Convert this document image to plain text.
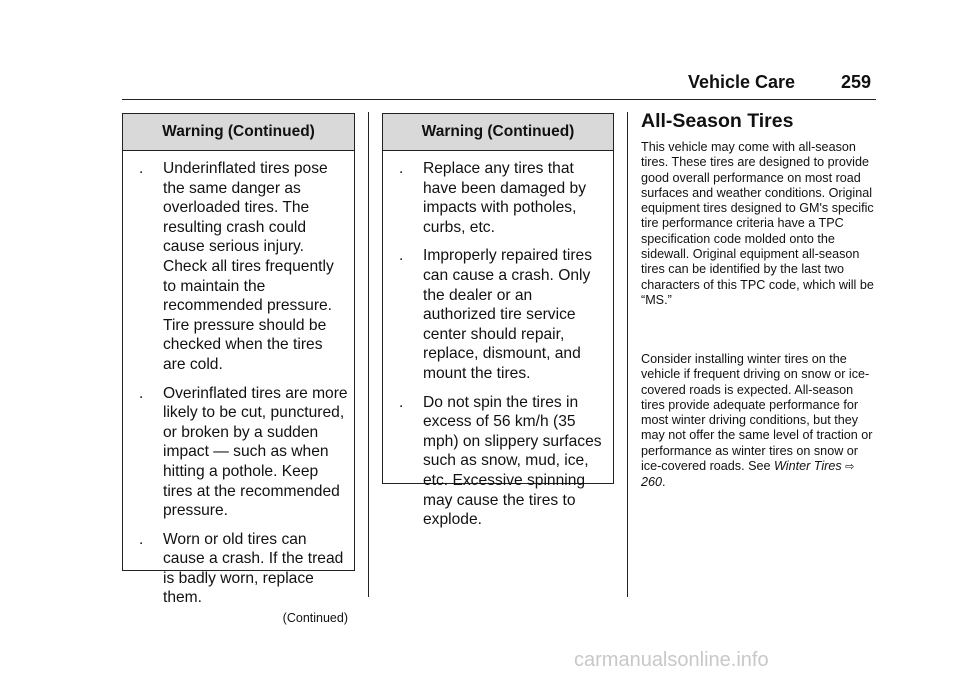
Vehicle Care	259
Warning (Continued)
. Underinflated tires pose the same danger as overloaded tires. The resulting crash could cause serious injury. Check all tires frequently to maintain the recommended pressure. Tire pressure should be checked when the tires are cold.
. Overinflated tires are more likely to be cut, punctured, or broken by a sudden impact — such as when hitting a pothole. Keep tires at the recommended pressure.
. Worn or old tires can cause a crash. If the tread is badly worn, replace them.
(Continued)
Warning (Continued)
. Replace any tires that have been damaged by impacts with potholes, curbs, etc.
. Improperly repaired tires can cause a crash. Only the dealer or an authorized tire service center should repair, replace, dismount, and mount the tires.
. Do not spin the tires in excess of 56 km/h (35 mph) on slippery surfaces such as snow, mud, ice, etc. Excessive spinning may cause the tires to explode.
All-Season Tires

This vehicle may come with all-season tires. These tires are designed to provide good overall performance on most road surfaces and weather conditions. Original equipment tires designed to GM's specific tire performance criteria have a TPC specification code molded onto the sidewall. Original equipment all-season tires can be identified by the last two characters of this TPC code, which will be “MS.”

Consider installing winter tires on the vehicle if frequent driving on snow or ice-covered roads is expected. All-season tires provide adequate performance for most winter driving conditions, but they may not offer the same level of traction or performance as winter tires on snow or ice-covered roads. See Winter Tires ⇨ 260.

carmanualsonline.info
